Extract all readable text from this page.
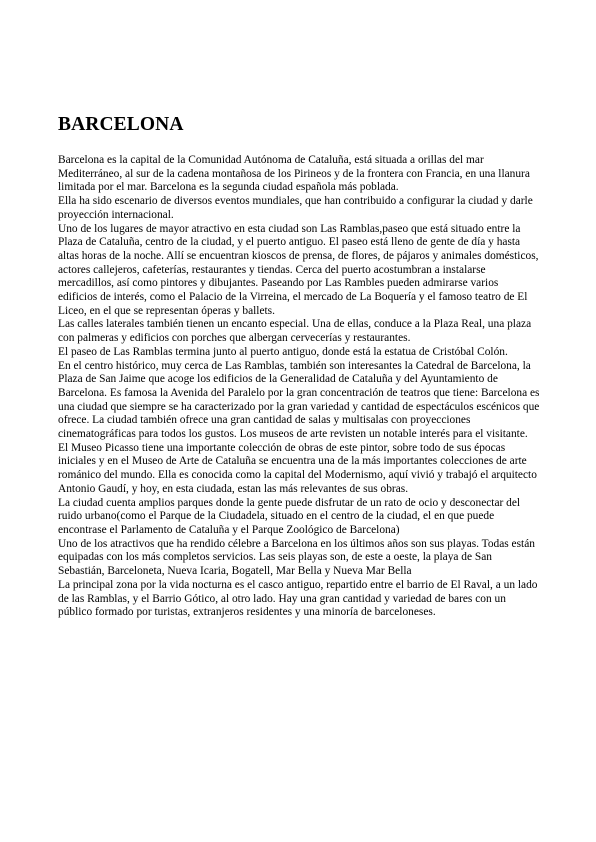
BARCELONA

Barcelona es la capital de la Comunidad Autónoma de Cataluña, está situada a orillas del mar Mediterráneo, al sur de la cadena montañosa de los Pirineos y de la frontera con Francia, en una llanura limitada por el mar. Barcelona es la segunda ciudad española más poblada.

Ella ha sido escenario de diversos eventos mundiales, que han contribuido a configurar la ciudad y darle proyección internacional.

Uno de los lugares de mayor atractivo en esta ciudad son Las Ramblas,paseo que está situado entre la Plaza de Cataluña, centro de la ciudad, y el puerto antiguo. El paseo está lleno de gente de día y hasta altas horas de la noche. Allí se encuentran kioscos de prensa, de flores, de pájaros y animales domésticos, actores callejeros, cafeterías, restaurantes y tiendas. Cerca del puerto acostumbran a instalarse mercadillos, así como pintores y dibujantes. Paseando por Las Rambles pueden admirarse varios edificios de interés, como el Palacio de la Virreina, el mercado de La Boquería y el famoso teatro de El Liceo, en el que se representan óperas y ballets.

Las calles laterales también tienen un encanto especial. Una de ellas, conduce a la Plaza Real, una plaza con palmeras y edificios con porches que albergan cervecerías y restaurantes.

El paseo de Las Ramblas termina junto al puerto antiguo, donde está la estatua de Cristóbal Colón.

En el centro histórico, muy cerca de Las Ramblas, también son interesantes la Catedral de Barcelona, la Plaza de San Jaime que acoge los edificios de la Generalidad de Cataluña y del Ayuntamiento de Barcelona. Es famosa la Avenida del Paralelo por la gran concentración de teatros que tiene: Barcelona es una ciudad que siempre se ha caracterizado por la gran variedad y cantidad de espectáculos escénicos que ofrece. La ciudad también ofrece una gran cantidad de salas y multisalas con proyecciones cinematográficas para todos los gustos. Los museos de arte revisten un notable interés para el visitante. El Museo Picasso tiene una importante colección de obras de este pintor, sobre todo de sus épocas iniciales y en el Museo de Arte de Cataluña se encuentra una de la más importantes colecciones de arte románico del mundo. Ella es conocida como la capital del Modernismo, aquí vivió y trabajó el arquitecto Antonio Gaudí, y hoy, en esta ciudada, estan las más relevantes de sus obras.

La ciudad cuenta amplios parques donde la gente puede disfrutar de un rato de ocio y desconectar del ruido urbano(como el Parque de la Ciudadela, situado en el centro de la ciudad, el en que puede encontrase el Parlamento de Cataluña y el Parque Zoológico de Barcelona)

Uno de los atractivos que ha rendido célebre a Barcelona en los últimos años son sus playas. Todas están equipadas con los más completos servicios. Las seis playas son, de este a oeste, la playa de San Sebastián, Barceloneta, Nueva Icaria, Bogatell, Mar Bella y Nueva Mar Bella

La principal zona por la vida nocturna es el casco antiguo, repartido entre el barrio de El Raval, a un lado de las Ramblas, y el Barrio Gótico, al otro lado. Hay una gran cantidad y variedad de bares con un público formado por turistas, extranjeros residentes y una minoría de barceloneses.
